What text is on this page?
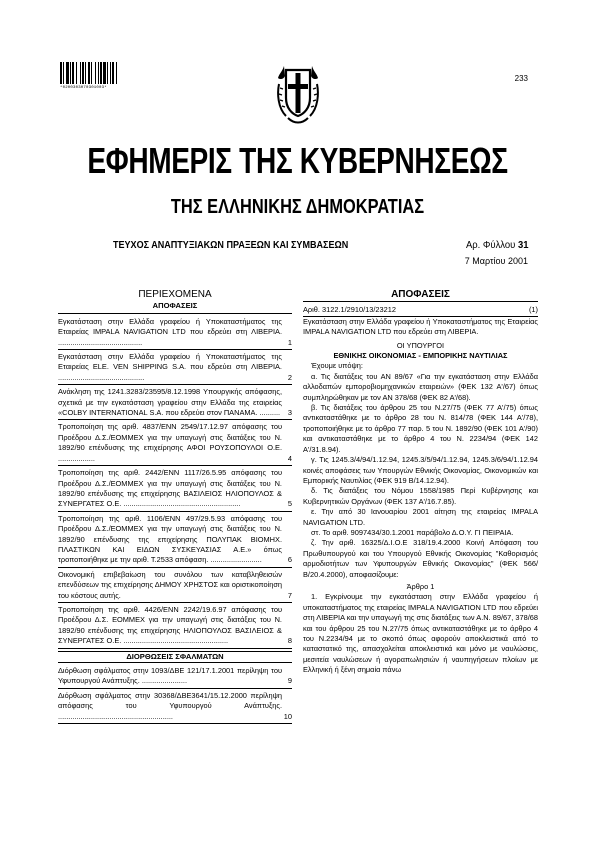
*0200303070301003*
233
ΕΦΗΜΕΡΙΣ ΤΗΣ ΚΥΒΕΡΝΗΣΕΩΣ
ΤΗΣ ΕΛΛΗΝΙΚΗΣ ΔΗΜΟΚΡΑΤΙΑΣ
ΤΕΥΧΟΣ ΑΝΑΠΤΥΞΙΑΚΩΝ ΠΡΑΞΕΩΝ ΚΑΙ ΣΥΜΒΑΣΕΩΝ	Αρ. Φύλλου 31
7 Μαρτίου 2001
ΠΕΡΙΕΧΟΜΕΝΑ
ΑΠΟΦΑΣΕΙΣ
Εγκατάσταση στην Ελλάδα γραφείου ή Υποκαταστήματος της Εταιρείας IMPALA NAVIGATION LTD που εδρεύει στη ΛΙΒΕΡΙΑ. .........................................	1
Εγκατάσταση στην Ελλάδα γραφείου ή Υποκαταστήματος της Εταιρείας ELE. VEN SHIPPING S.A. που εδρεύει στη ΛΙΒΕΡΙΑ. ..........................................	2
Ανάκληση της 1241.3283/23595/8.12.1998 Υπουργικής απόφασης, σχετικά με την εγκατάσταση γραφείου στην Ελλάδα της εταιρείας «COLBY INTERNATIONAL S.A. που εδρεύει στον ΠΑΝΑΜΑ. .......... 3
Τροποποίηση της αριθ. 4837/ΕΝΝ 2549/17.12.97 απόφασης του Προέδρου Δ.Σ./ΕΟΜΜΕΧ για την υπαγωγή στις διατάξεις του Ν. 1892/90 επένδυσης της επιχείρησης ΑΦΟΙ ΡΟΥΣΟΠΟΥΛΟΙ Ο.Ε. ..................	4
Τροποποίηση της αριθ. 2442/ΕΝΝ 1117/26.5.95 απόφασης του Προέδρου Δ.Σ./ΕΟΜΜΕΧ για την υπαγωγή στις διατάξεις του Ν. 1892/90 επένδυσης της επιχείρησης ΒΑΣΙΛΕΙΟΣ ΗΛΙΟΠΟΥΛΟΣ & ΣΥΝΕΡΓΑΤΕΣ Ο.Ε. .........................................................	5
Τροποποίηση της αριθ. 1106/ΕΝΝ 497/29.5.93 απόφασης του Προέδρου Δ.Σ./ΕΟΜΜΕΧ για την υπαγωγή στις διατάξεις του Ν. 1892/90 επένδυσης της επιχείρησης ΠΟΛΥΠΑΚ ΒΙΟΜΗΧ. ΠΛΑΣΤΙΚΩΝ ΚΑΙ ΕΙΔΩΝ ΣΥΣΚΕΥΑΣΙΑΣ Α.Ε.» όπως τροποποιήθηκε με την αριθ. Τ.2533 απόφαση. .........................	6
Οικονομική επιβεβαίωση του συνόλου των καταβληθεισών επενδύσεων της επιχείρησης ΔΗΜΟΥ ΧΡΗΣΤΟΣ και οριστικοποίηση του κόστους αυτής.	7
Τροποποίηση της αριθ. 4426/ΕΝΝ 2242/19.6.97 απόφασης του Προέδρου Δ.Σ. ΕΟΜΜΕΧ για την υπαγωγή στις διατάξεις του Ν. 1892/90 επένδυσης της επιχείρησης ΗΛΙΟΠΟΥΛΟΣ ΒΑΣΙΛΕΙΟΣ & ΣΥΝΕΡΓΑΤΕΣ Ο.Ε. ...................................................	8
ΔΙΟΡΘΩΣΕΙΣ ΣΦΑΛΜΑΤΩΝ
Διόρθωση σφάλματος στην 1093/ΔΒΕ 121/17.1.2001 περίληψη του Υφυπουργού Ανάπτυξης. ......................	9
Διόρθωση σφάλματος στην 30368/ΔΒΕ3641/15.12.2000 περίληψη απόφασης του Υφυπουργού Ανάπτυξης. ........................................................	10
ΑΠΟΦΑΣΕΙΣ
Αριθ. 3122.1/2910/13/23212	(1)
Εγκατάσταση στην Ελλάδα γραφείου ή Υποκαταστήματος της Εταιρείας IMPALA NAVIGATION LTD που εδρεύει στη ΛΙΒΕΡΙΑ.
ΟΙ ΥΠΟΥΡΓΟΙ
ΕΘΝΙΚΗΣ ΟΙΚΟΝΟΜΙΑΣ - ΕΜΠΟΡΙΚΗΣ ΝΑΥΤΙΛΙΑΣ
Έχουμε υπόψη:
α. Τις διατάξεις του ΑΝ 89/67 «Για την εγκατάσταση στην Ελλάδα αλλοδαπών εμπορoβιομηχανικών εταιρειών» (ΦΕΚ 132 Α'/67) όπως συμπληρώθηκαν με τον ΑΝ 378/68 (ΦΕΚ 82 Α'/68).
β. Τις διατάξεις του άρθρου 25 του Ν.27/75 (ΦΕΚ 77 Α'/75) όπως αντικαταστάθηκε με το άρθρο 28 του Ν. 814/78 (ΦΕΚ 144 Α'/78), τροποποιήθηκε με το άρθρο 77 παρ. 5 του Ν. 1892/90 (ΦΕΚ 101 Α'/90) και αντικαταστάθηκε με το άρθρο 4 του Ν. 2234/94 (ΦΕΚ 142 Α'/31.8.94).
γ. Τις 1245.3/4/94/1.12.94, 1245.3/5/94/1.12.94, 1245.3/6/94/1.12.94 κοινές αποφάσεις των Υπουργών Εθνικής Οικονομίας, Οικονομικών και Εμπορικής Ναυτιλίας (ΦΕΚ 919 Β/14.12.94).
δ. Τις διατάξεις του Νόμου 1558/1985 Περί Κυβέρνησης και Κυβερνητικών Οργάνων (ΦΕΚ 137 Α'/16.7.85).
ε. Την από 30 Ιανουαρίου 2001 αίτηση της εταιρείας IMPALA NAVIGATION LTD.
στ. Το αριθ. 9097434/30.1.2001 παράβολο Δ.Ο.Υ. ΓΙ ΠΕΙΡΑΙΑ.
ζ. Την αριθ. 16325/Δ.Ι.Ο.Ε 318/19.4.2000 Κοινή Απόφαση του Πρωθυπουργού και του Υπουργού Εθνικής Οικονομίας "Καθορισμός αρμοδιοτήτων των Υφυπουργών Εθνικής Οικονομίας" (ΦΕΚ 566/Β/20.4.2000), αποφασίζουμε:
Άρθρο 1
1. Εγκρίνουμε την εγκατάσταση στην Ελλάδα γραφείου ή υποκαταστήματος της εταιρείας IMPALA NAVIGATION LTD που εδρεύει στη ΛΙΒΕΡΙΑ και την υπαγωγή της στις διατάξεις των Α.Ν. 89/67, 378/68 και του άρθρου 25 του Ν.27/75 όπως αντικαταστάθηκε με το άρθρο 4 του Ν.2234/94 με το σκοπό όπως αφορούν αποκλειστικά από το καταστατικό της, απασχολείται αποκλειστικά και μόνο με ναυλώσεις, μεσιτεία ναυλώσεων ή αγοραπωλησιών ή ναυπηγήσεων πλοίων με Ελληνική ή ξένη σημαία πάνω
